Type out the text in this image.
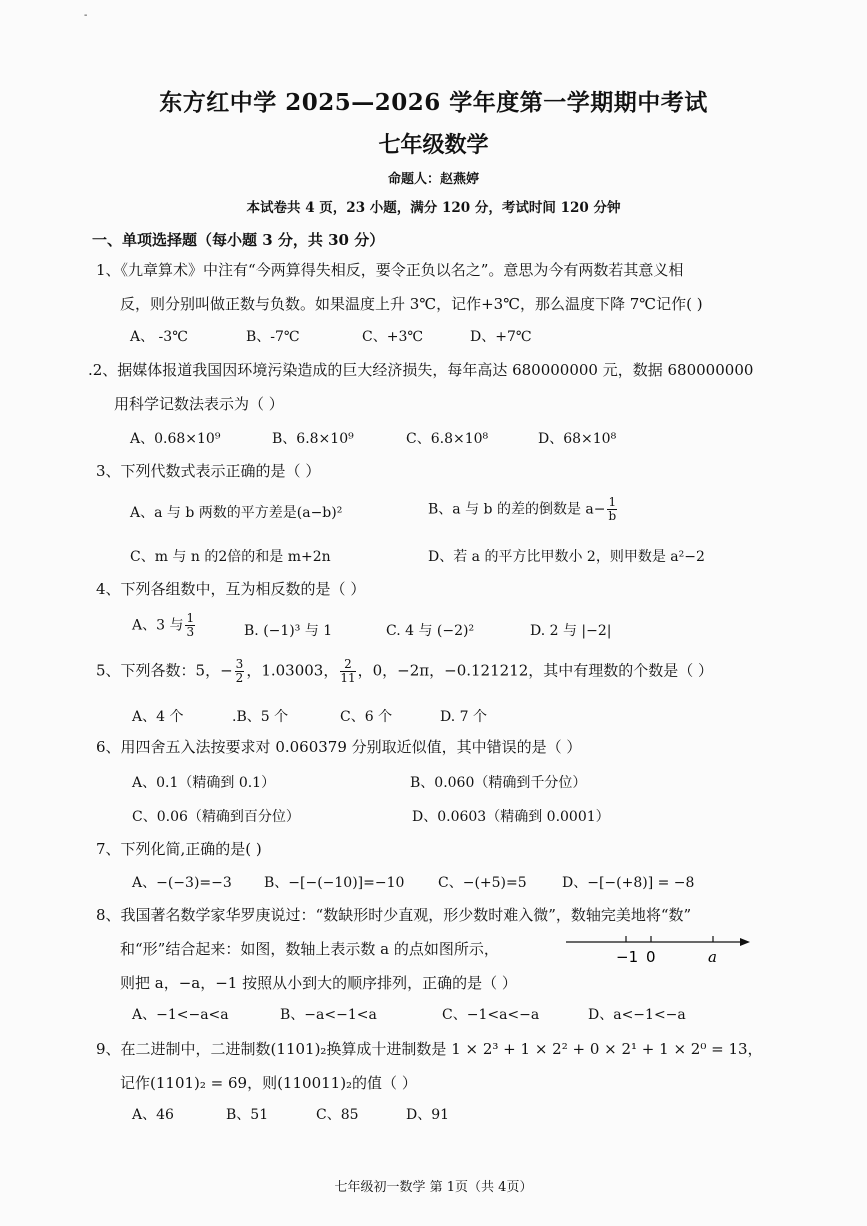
-
东方红中学 2025—2026 学年度第一学期期中考试
七年级数学
命题人：赵燕婷
本试卷共 4 页，23 小题，满分 120 分，考试时间 120 分钟
一、单项选择题（每小题 3 分，共 30 分）
1、《九章算术》中注有“今两算得失相反，要令正负以名之”。意思为今有两数若其意义相
反，则分别叫做正数与负数。如果温度上升 3℃，记作+3℃，那么温度下降 7℃记作( )
A、 -3℃	B、-7℃	C、+3℃	D、+7℃
.2、据媒体报道我国因环境污染造成的巨大经济损失，每年高达 680000000 元，数据 680000000
用科学记数法表示为（ ）
A、0.68×10⁹	B、6.8×10⁹	C、6.8×10⁸	D、68×10⁸
3、下列代数式表示正确的是（ ）
A、a 与 b 两数的平方差是(a−b)²	B、a 与 b 的差的倒数是 $a- \frac{1}{b}$
C、m 与 n 的2倍的和是 m+2n	D、若 a 的平方比甲数小 2，则甲数是 a²−2
4、下列各组数中，互为相反数的是（ ）
A、3 与 $\frac{1}{3}$	B. (−1)³ 与 1	C. 4 与 (−2)²	D. 2 与 |−2|
5、下列各数：5，− $\frac{3}{2}$ ，1.03003， $\frac{2}{11}$ ，0，−2π，−0.121212，其中有理数的个数是（ ）
A、4 个	.B、5 个	C、6 个	D. 7 个
6、用四舍五入法按要求对 0.060379 分别取近似值，其中错误的是（ ）
A、0.1（精确到 0.1）	B、0.060（精确到千分位）
C、0.06（精确到百分位）	D、0.0603（精确到 0.0001）
7、下列化简,正确的是( )
A、−(−3)=−3 B、−[−(−10)]=−10 C、−(+5)=5	D、−[−(+8)] = −8
8、我国著名数学家华罗庚说过：“数缺形时少直观，形少数时难入微”，数轴完美地将“数”
和“形”结合起来：如图，数轴上表示数 a 的点如图所示，
则把 a，−a，−1 按照从小到大的顺序排列，正确的是（ ）
−1 0	a
A、−1<−a<a	B、−a<−1<a	C、−1<a<−a	D、a<−1<−a
9、在二进制中，二进制数(1101)₂换算成十进制数是 1 × 2³ + 1 × 2² + 0 × 2¹ + 1 × 2⁰ = 13，
记作(1101)₂ = 69，则(110011)₂的值（ ）
A、46	B、51	C、85	D、91
七年级初一数学 第 1页（共 4页）
